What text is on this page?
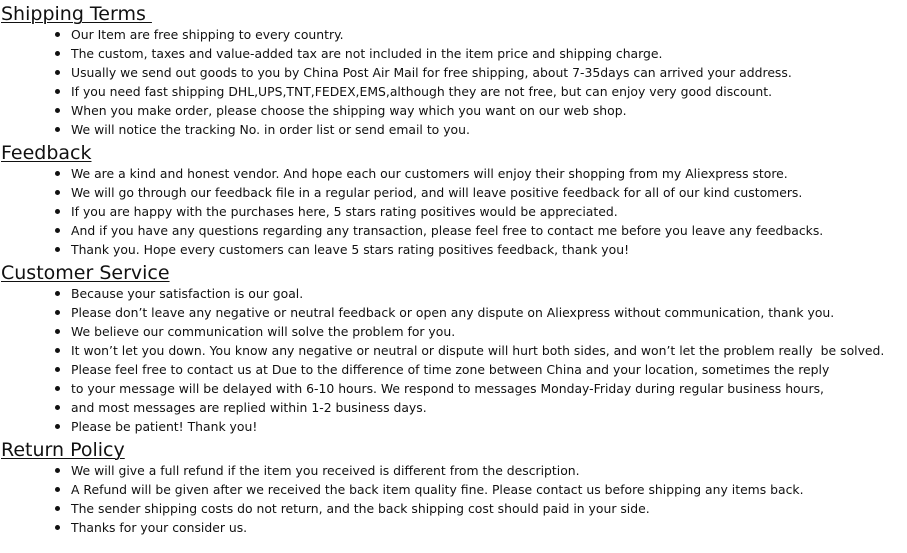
Shipping Terms
Our Item are free shipping to every country.
The custom, taxes and value-added tax are not included in the item price and shipping charge.
Usually we send out goods to you by China Post Air Mail for free shipping, about 7-35days can arrived your address.
If you need fast shipping DHL,UPS,TNT,FEDEX,EMS,although they are not free, but can enjoy very good discount.
When you make order, please choose the shipping way which you want on our web shop.
We will notice the tracking No. in order list or send email to you.
Feedback
We are a kind and honest vendor. And hope each our customers will enjoy their shopping from my Aliexpress store.
We will go through our feedback file in a regular period, and will leave positive feedback for all of our kind customers.
If you are happy with the purchases here, 5 stars rating positives would be appreciated.
And if you have any questions regarding any transaction, please feel free to contact me before you leave any feedbacks.
Thank you. Hope every customers can leave 5 stars rating positives feedback, thank you!
Customer Service
Because your satisfaction is our goal.
Please don’t leave any negative or neutral feedback or open any dispute on Aliexpress without communication, thank you.
We believe our communication will solve the problem for you.
It won’t let you down. You know any negative or neutral or dispute will hurt both sides, and won’t let the problem really  be solved.
Please feel free to contact us at Due to the difference of time zone between China and your location, sometimes the reply
to your message will be delayed with 6-10 hours. We respond to messages Monday-Friday during regular business hours,
and most messages are replied within 1-2 business days.
Please be patient! Thank you!
Return Policy
We will give a full refund if the item you received is different from the description.
A Refund will be given after we received the back item quality fine. Please contact us before shipping any items back.
The sender shipping costs do not return, and the back shipping cost should paid in your side.
Thanks for your consider us.
